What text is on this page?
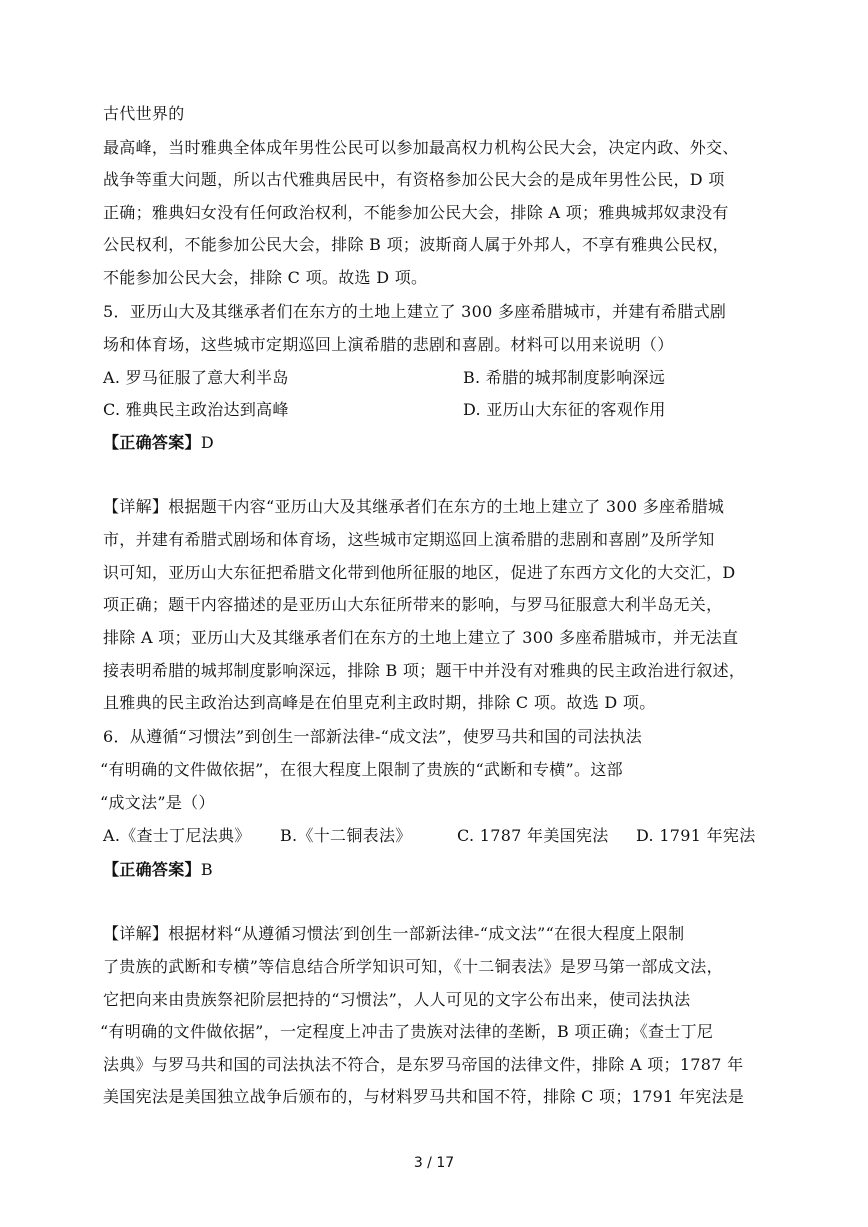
古代世界的

最高峰，当时雅典全体成年男性公民可以参加最高权力机构公民大会，决定内政、外交、

战争等重大问题，所以古代雅典居民中，有资格参加公民大会的是成年男性公民，D 项

正确；雅典妇女没有任何政治权利，不能参加公民大会，排除 A 项；雅典城邦奴隶没有

公民权利，不能参加公民大会，排除 B 项；波斯商人属于外邦人，不享有雅典公民权，

不能参加公民大会，排除 C 项。故选 D 项。

5．亚历山大及其继承者们在东方的土地上建立了 300 多座希腊城市，并建有希腊式剧

场和体育场，这些城市定期巡回上演希腊的悲剧和喜剧。材料可以用来说明（）

A. 罗马征服了意大利半岛	B. 希腊的城邦制度影响深远
C. 雅典民主政治达到高峰	D. 亚历山大东征的客观作用

【正确答案】D

【详解】根据题干内容“亚历山大及其继承者们在东方的土地上建立了 300 多座希腊城

市，并建有希腊式剧场和体育场，这些城市定期巡回上演希腊的悲剧和喜剧”及所学知

识可知，亚历山大东征把希腊文化带到他所征服的地区，促进了东西方文化的大交汇，D

项正确；题干内容描述的是亚历山大东征所带来的影响，与罗马征服意大利半岛无关，

排除 A 项；亚历山大及其继承者们在东方的土地上建立了 300 多座希腊城市，并无法直

接表明希腊的城邦制度影响深远，排除 B 项；题干中并没有对雅典的民主政治进行叙述，

且雅典的民主政治达到高峰是在伯里克利主政时期，排除 C 项。故选 D 项。

6．从遵循“习惯法”到创生一部新法律-“成文法”，使罗马共和国的司法执法

“有明确的文件做依据”，在很大程度上限制了贵族的“武断和专横”。这部

“成文法”是（）

A.《查士丁尼法典》 B.《十二铜表法》	C. 1787 年美国宪法 D. 1791 年宪法

【正确答案】B

【详解】根据材料“从遵循习惯法′到创生一部新法律-“成文法”“在很大程度上限制

了贵族的武断和专横”等信息结合所学知识可知，《十二铜表法》是罗马第一部成文法，

它把向来由贵族祭祀阶层把持的“习惯法”，人人可见的文字公布出来，使司法执法

“有明确的文件做依据”，一定程度上冲击了贵族对法律的垄断，B 项正确；《查士丁尼

法典》与罗马共和国的司法执法不符合，是东罗马帝国的法律文件，排除 A 项；1787 年

美国宪法是美国独立战争后颁布的，与材料罗马共和国不符，排除 C 项；1791 年宪法是

3 / 17
